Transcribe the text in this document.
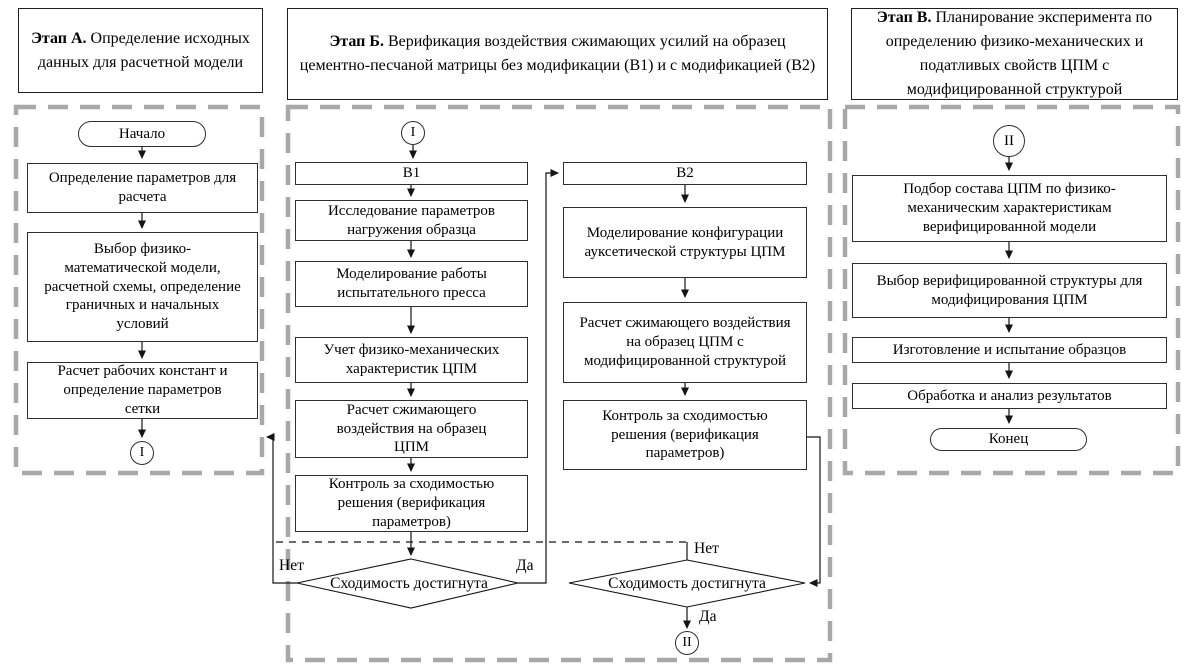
Этап А. Определение исходных данных для расчетной модели
Этап Б. Верификация воздействия сжимающих усилий на образец цементно-песчаной матрицы без модификации (В1) и с модификацией (В2)
Этап В. Планирование эксперимента по определению физико-механических и податливых свойств ЦПМ с модифицированной структурой
Начало
Определение параметров для расчета
Выбор физико-математической модели, расчетной схемы, определение граничных и начальных условий
Расчет рабочих констант и определение параметров сетки
I
I
В1
Исследование параметров нагружения образца
Моделирование работы испытательного пресса
Учет физико-механических характеристик ЦПМ
Расчет сжимающего воздействия на образец ЦПМ
Контроль за сходимостью решения (верификация параметров)
В2
Моделирование конфигурации ауксетической структуры ЦПМ
Расчет сжимающего воздействия на образец ЦПМ с модифицированной структурой
Контроль за сходимостью решения (верификация параметров)
Сходимость достигнута	Сходимость достигнута
Нет	Да
Нет
Да
II
II
Подбор состава ЦПМ по физико-механическим характеристикам верифицированной модели
Выбор верифицированной структуры для модифицирования ЦПМ
Изготовление и испытание образцов
Обработка и анализ результатов
Конец
